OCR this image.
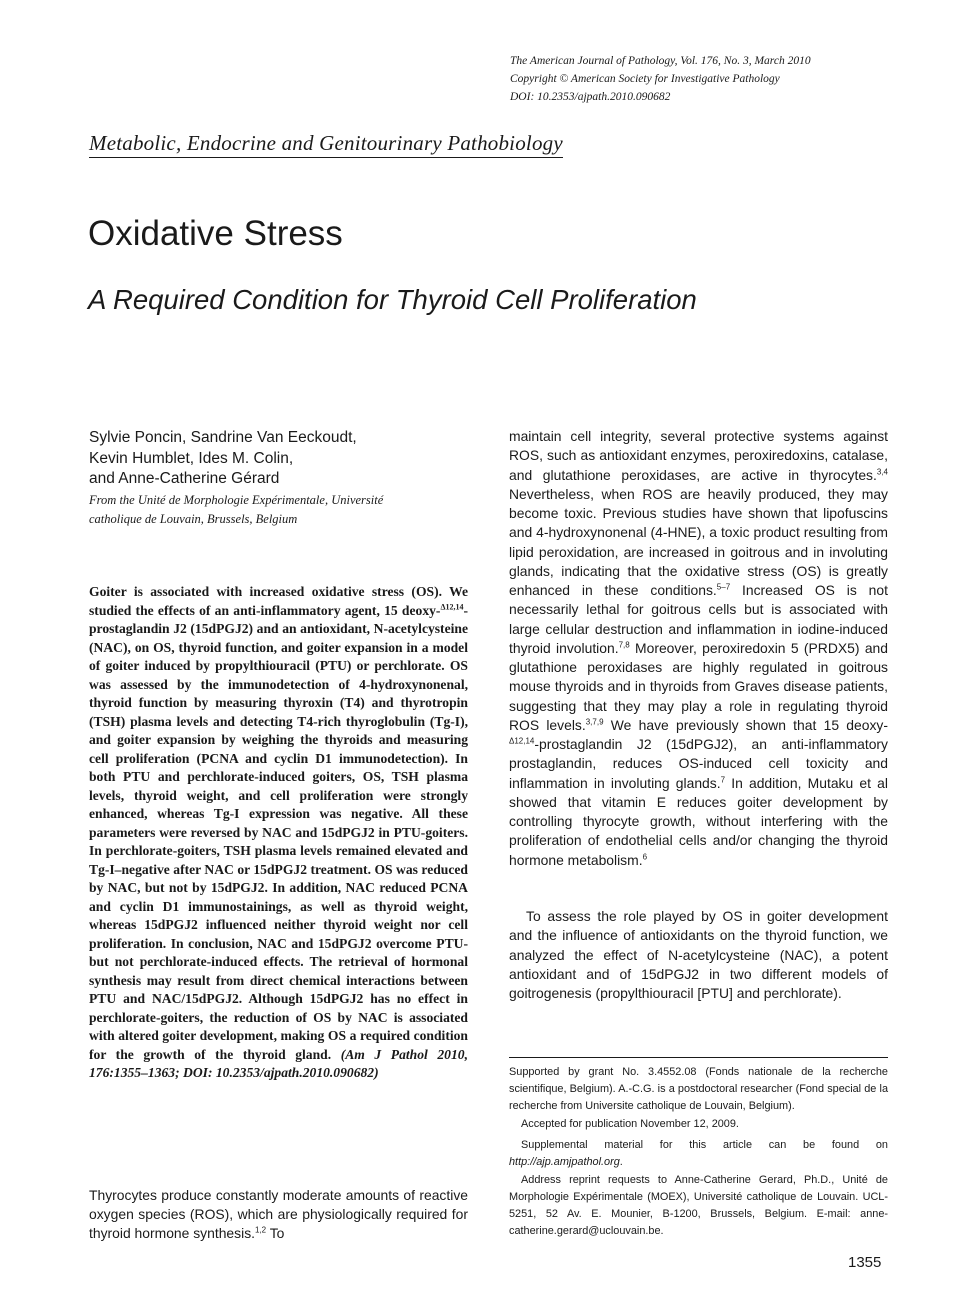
The American Journal of Pathology, Vol. 176, No. 3, March 2010
Copyright © American Society for Investigative Pathology
DOI: 10.2353/ajpath.2010.090682
Metabolic, Endocrine and Genitourinary Pathobiology
Oxidative Stress
A Required Condition for Thyroid Cell Proliferation
Sylvie Poncin, Sandrine Van Eeckoudt,
Kevin Humblet, Ides M. Colin,
and Anne-Catherine Gérard
From the Unité de Morphologie Expérimentale, Université
catholique de Louvain, Brussels, Belgium
Goiter is associated with increased oxidative stress (OS). We studied the effects of an anti-inflammatory agent, 15 deoxy-$^{\Delta 12,14}$-prostaglandin J2 (15dPGJ2) and an antioxidant, N-acetylcysteine (NAC), on OS, thyroid function, and goiter expansion in a model of goiter induced by propylthiouracil (PTU) or perchlorate. OS was assessed by the immunodetection of 4-hydroxynonenal, thyroid function by measuring thyroxin (T4) and thyrotropin (TSH) plasma levels and detecting T4-rich thyroglobulin (Tg-I), and goiter expansion by weighing the thyroids and measuring cell proliferation (PCNA and cyclin D1 immunodetection). In both PTU and perchlorate-induced goiters, OS, TSH plasma levels, thyroid weight, and cell proliferation were strongly enhanced, whereas Tg-I expression was negative. All these parameters were reversed by NAC and 15dPGJ2 in PTU-goiters. In perchlorate-goiters, TSH plasma levels remained elevated and Tg-I–negative after NAC or 15dPGJ2 treatment. OS was reduced by NAC, but not by 15dPGJ2. In addition, NAC reduced PCNA and cyclin D1 immunostainings, as well as thyroid weight, whereas 15dPGJ2 influenced neither thyroid weight nor cell proliferation. In conclusion, NAC and 15dPGJ2 overcome PTU- but not perchlorate-induced effects. The retrieval of hormonal synthesis may result from direct chemical interactions between PTU and NAC/15dPGJ2. Although 15dPGJ2 has no effect in perchlorate-goiters, the reduction of OS by NAC is associated with altered goiter development, making OS a required condition for the growth of the thyroid gland. (Am J Pathol 2010, 176:1355–1363; DOI: 10.2353/ajpath.2010.090682)
Thyrocytes produce constantly moderate amounts of reactive oxygen species (ROS), which are physiologically required for thyroid hormone synthesis.$^{1,2}$ To
maintain cell integrity, several protective systems against ROS, such as antioxidant enzymes, peroxiredoxins, catalase, and glutathione peroxidases, are active in thyrocytes.$^{3,4}$ Nevertheless, when ROS are heavily produced, they may become toxic. Previous studies have shown that lipofuscins and 4-hydroxynonenal (4-HNE), a toxic product resulting from lipid peroxidation, are increased in goitrous and in involuting glands, indicating that the oxidative stress (OS) is greatly enhanced in these conditions.$^{5-7}$ Increased OS is not necessarily lethal for goitrous cells but is associated with large cellular destruction and inflammation in iodine-induced thyroid involution.$^{7,8}$ Moreover, peroxiredoxin 5 (PRDX5) and glutathione peroxidases are highly regulated in goitrous mouse thyroids and in thyroids from Graves disease patients, suggesting that they may play a role in regulating thyroid ROS levels.$^{3,7,9}$ We have previously shown that 15 deoxy-$^{\Delta 12,14}$-prostaglandin J2 (15dPGJ2), an anti-inflammatory prostaglandin, reduces OS-induced cell toxicity and inflammation in involuting glands.$^7$ In addition, Mutaku et al showed that vitamin E reduces goiter development by controlling thyrocyte growth, without interfering with the proliferation of endothelial cells and/or changing the thyroid hormone metabolism.$^6$
To assess the role played by OS in goiter development and the influence of antioxidants on the thyroid function, we analyzed the effect of N-acetylcysteine (NAC), a potent antioxidant and of 15dPGJ2 in two different models of goitrogenesis (propylthiouracil [PTU] and perchlorate).
Supported by grant No. 3.4552.08 (Fonds nationale de la recherche scientifique, Belgium). A.-C.G. is a postdoctoral researcher (Fond special de la recherche from Universite catholique de Louvain, Belgium).
Accepted for publication November 12, 2009.
Supplemental material for this article can be found on http://ajp.amjpathol.org.
Address reprint requests to Anne-Catherine Gerard, Ph.D., Unité de Morphologie Expérimentale (MOEX), Université catholique de Louvain. UCL-5251, 52 Av. E. Mounier, B-1200, Brussels, Belgium. E-mail: anne-catherine.gerard@uclouvain.be.
1355
